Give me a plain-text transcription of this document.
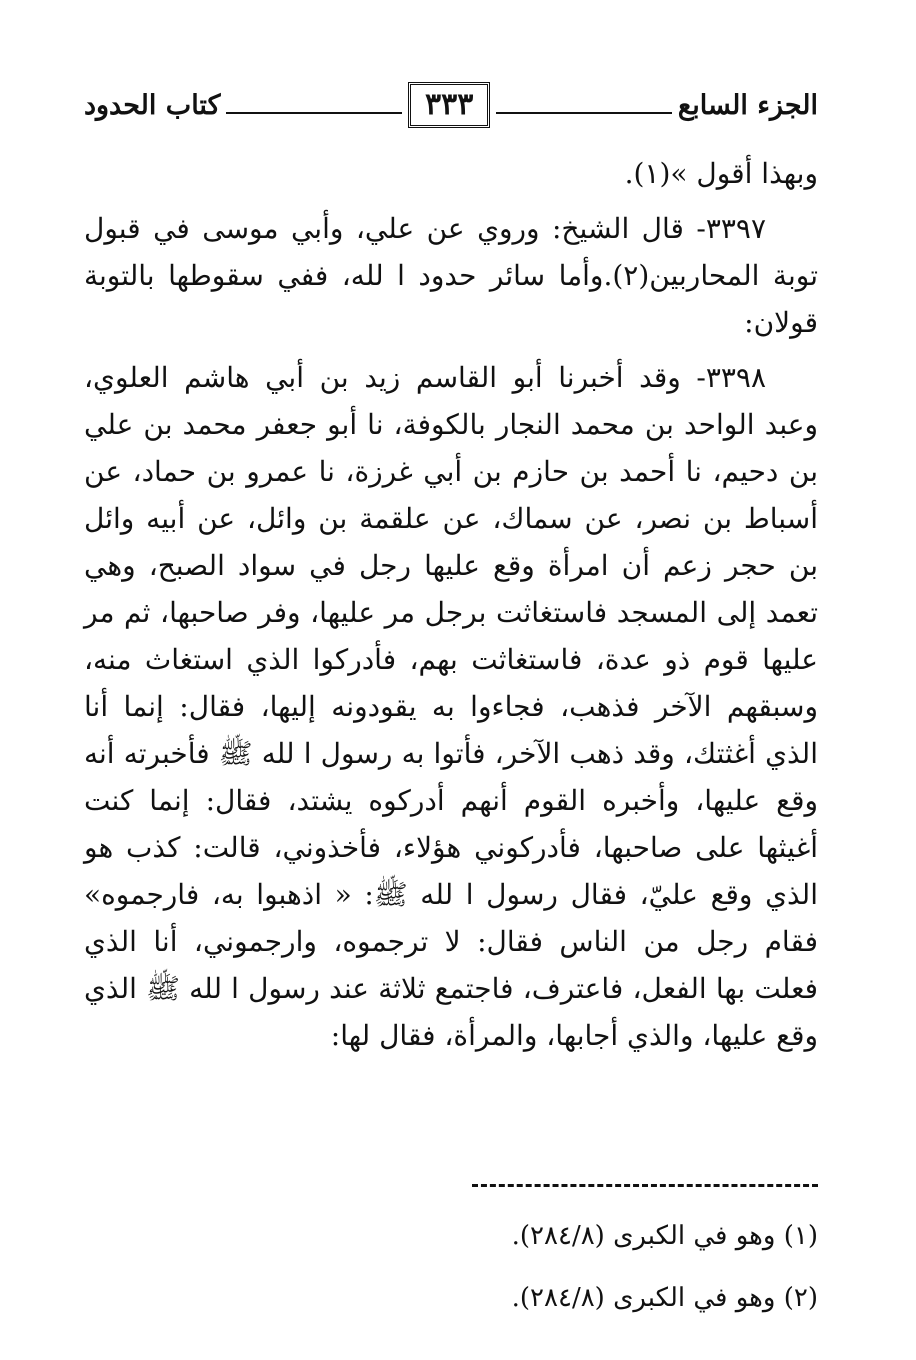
الجزء السابع
٣٣٣
كتاب الحدود

وبهذا أقول »(١).

٣٣٩٧- قال الشيخ: وروي عن علي، وأبي موسى في قبول توبة المحاربين(٢).وأما سائر حدود ا لله، ففي سقوطها بالتوبة قولان:

٣٣٩٨- وقد أخبرنا أبو القاسم زيد بن أبي هاشم العلوي، وعبد الواحد بن محمد النجار بالكوفة، نا أبو جعفر محمد بن علي بن دحيم، نا أحمد بن حازم بن أبي غرزة، نا عمرو بن حماد، عن أسباط بن نصر، عن سماك، عن علقمة بن وائل، عن أبيه وائل بن حجر زعم أن امرأة وقع عليها رجل في سواد الصبح، وهي تعمد إلى المسجد فاستغاثت برجل مر عليها، وفر صاحبها، ثم مر عليها قوم ذو عدة، فاستغاثت بهم، فأدركوا الذي استغاث منه، وسبقهم الآخر فذهب، فجاءوا به يقودونه إليها، فقال: إنما أنا الذي أغثتك، وقد ذهب الآخر، فأتوا به رسول ا لله ﷺ فأخبرته أنه وقع عليها، وأخبره القوم أنهم أدركوه يشتد، فقال: إنما كنت أغيثها على صاحبها، فأدركوني هؤلاء، فأخذوني، قالت: كذب هو الذي وقع عليّ، فقال رسول ا لله ﷺ: « اذهبوا به، فارجموه» فقام رجل من الناس فقال: لا ترجموه، وارجموني، أنا الذي فعلت بها الفعل، فاعترف، فاجتمع ثلاثة عند رسول ا لله ﷺ الذي وقع عليها، والذي أجابها، والمرأة، فقال لها:

(١) وهو في الكبرى (٢٨٤/٨).
(٢) وهو في الكبرى (٢٨٤/٨).
